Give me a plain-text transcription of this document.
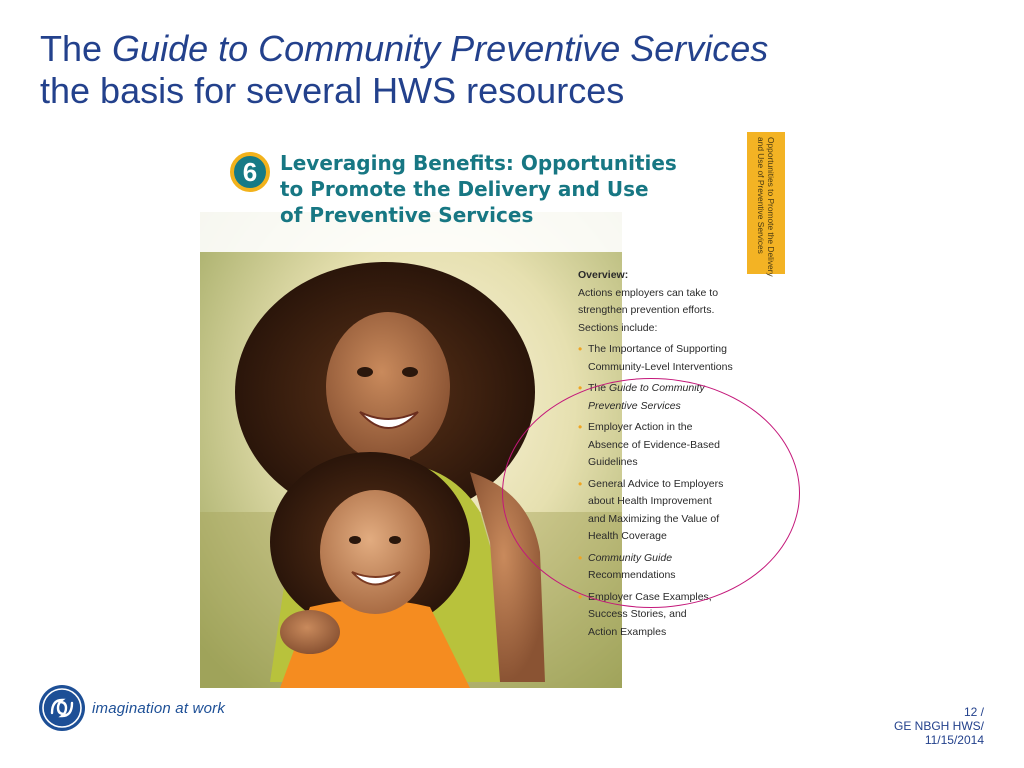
The Guide to Community Preventive Services
the basis for several HWS resources
6 Leveraging Benefits: Opportunities
to Promote the Delivery and Use
of Preventive Services	Opportunities to Promote the Delivery
and Use of Preventive Services
Overview:
Actions employers can take to
strengthen prevention efforts.
Sections include:
• The Importance of Supporting
Community-Level Interventions
• The Guide to Community
Preventive Services
• Employer Action in the
Absence of Evidence-Based
Guidelines
• General Advice to Employers
about Health Improvement
and Maximizing the Value of
Health Coverage
• Community Guide
Recommendations
• Employer Case Examples,
Success Stories, and
Action Examples
imagination at work	12 /
GE NBGH HWS/
11/15/2014
